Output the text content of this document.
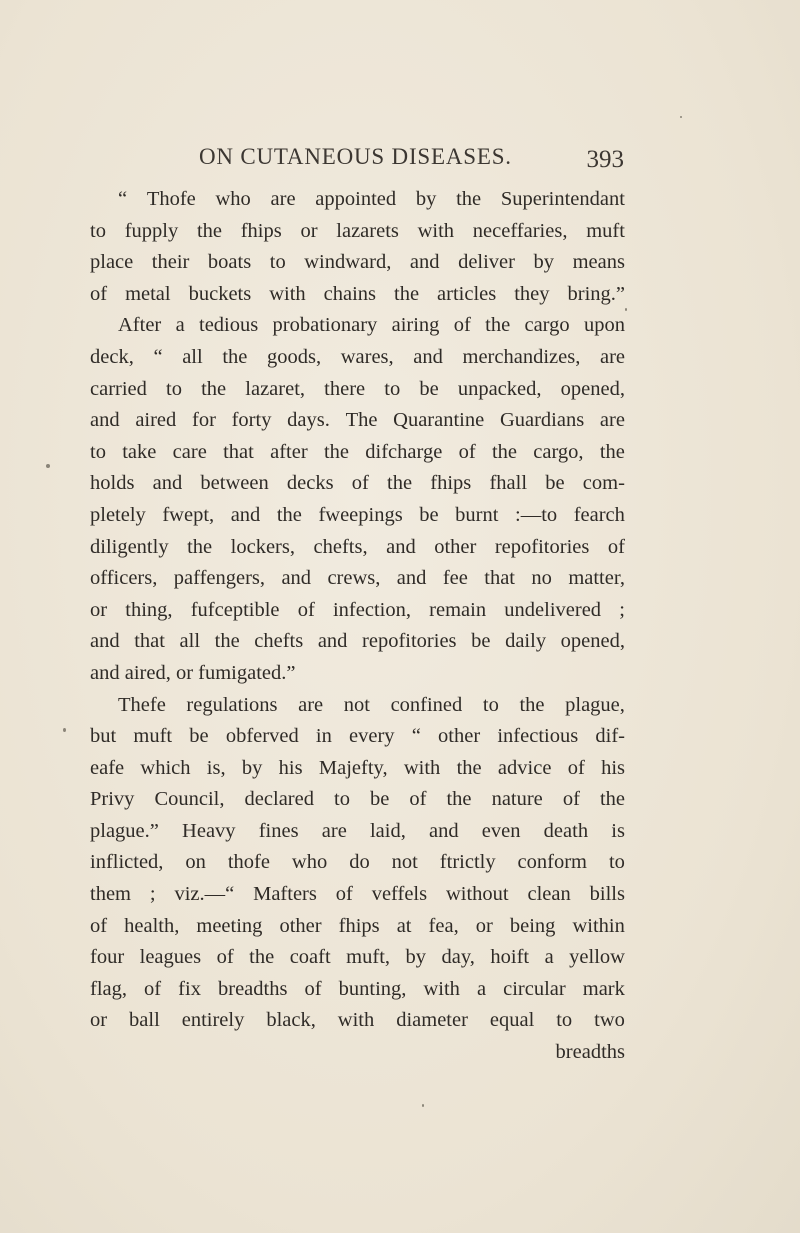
ON CUTANEOUS DISEASES.	393
“ Thofe who are appointed by the Superintendant
to fupply the fhips or lazarets with neceffaries, muft
place their boats to windward, and deliver by means
of metal buckets with chains the articles they bring.”
After a tedious probationary airing of the cargo upon
deck, “ all the goods, wares, and merchandizes, are
carried to the lazaret, there to be unpacked, opened,
and aired for forty days. The Quarantine Guardians are
to take care that after the difcharge of the cargo, the
holds and between decks of the fhips fhall be com-
pletely fwept, and the fweepings be burnt :—to fearch
diligently the lockers, chefts, and other repofitories of
officers, paffengers, and crews, and fee that no matter,
or thing, fufceptible of infection, remain undelivered ;
and that all the chefts and repofitories be daily opened,
and aired, or fumigated.”
Thefe regulations are not confined to the plague,
but muft be obferved in every “ other infectious dif-
eafe which is, by his Majefty, with the advice of his
Privy Council, declared to be of the nature of the
plague.” Heavy fines are laid, and even death is
inflicted, on thofe who do not ftrictly conform to
them ; viz.—“ Mafters of veffels without clean bills
of health, meeting other fhips at fea, or being within
four leagues of the coaft muft, by day, hoift a yellow
flag, of fix breadths of bunting, with a circular mark
or ball entirely black, with diameter equal to two
breadths
